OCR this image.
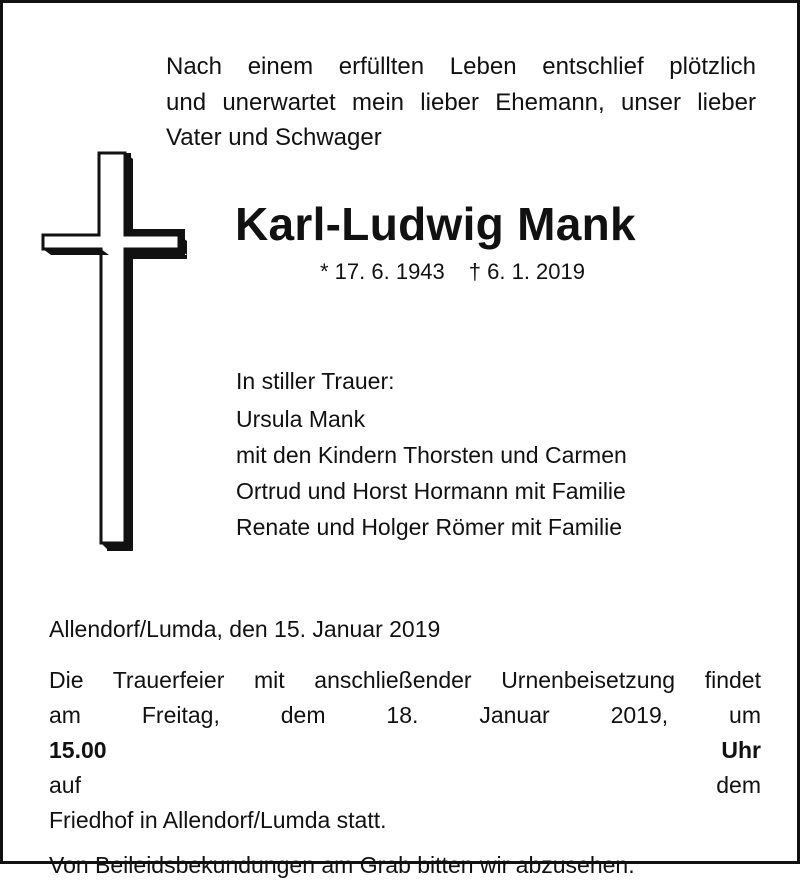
Nach einem erfüllten Leben entschlief plötzlich
und unerwartet mein lieber Ehemann, unser lieber
Vater und Schwager
Karl-Ludwig Mank
* 17. 6. 1943 † 6. 1. 2019
In stiller Trauer:
Ursula Mank
mit den Kindern Thorsten und Carmen
Ortrud und Horst Hormann mit Familie
Renate und Holger Römer mit Familie
Allendorf/Lumda, den 15. Januar 2019
Die Trauerfeier mit anschließender Urnenbeisetzung findet
am Freitag, dem 18. Januar 2019, um
15.00 Uhr
auf dem
Friedhof in Allendorf/Lumda statt.
Von Beileidsbekundungen am Grab bitten wir abzusehen.
